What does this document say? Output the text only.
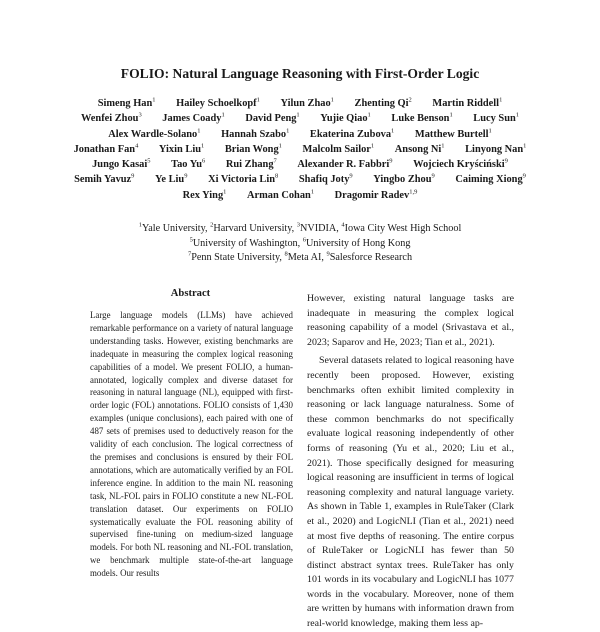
FOLIO: Natural Language Reasoning with First-Order Logic
Simeng Han$^1$ Hailey Schoelkopf$^1$ Yilun Zhao$^1$ Zhenting Qi$^2$ Martin Riddell$^1$ Wenfei Zhou$^3$ James Coady$^1$ David Peng$^1$ Yujie Qiao$^1$ Luke Benson$^1$ Lucy Sun$^1$ Alex Wardle-Solano$^1$ Hannah Szabo$^1$ Ekaterina Zubova$^1$ Matthew Burtell$^1$ Jonathan Fan$^4$ Yixin Liu$^1$ Brian Wong$^1$ Malcolm Sailor$^1$ Ansong Ni$^1$ Linyong Nan$^1$ Jungo Kasai$^5$ Tao Yu$^6$ Rui Zhang$^7$ Alexander R. Fabbri$^9$ Wojciech Kryściński$^9$ Semih Yavuz$^9$ Ye Liu$^9$ Xi Victoria Lin$^8$ Shafiq Joty$^9$ Yingbo Zhou$^9$ Caiming Xiong$^9$ Rex Ying$^1$ Arman Cohan$^1$ Dragomir Radev$^{1,9}$
$^1$Yale University, $^2$Harvard University, $^3$NVIDIA, $^4$Iowa City West High School
$^5$University of Washington, $^6$University of Hong Kong
$^7$Penn State University, $^8$Meta AI, $^9$Salesforce Research
Abstract

Large language models (LLMs) have achieved remarkable performance on a variety of natural language understanding tasks. However, existing benchmarks are inadequate in measuring the complex logical reasoning capabilities of a model. We present FOLIO, a human-annotated, logically complex and diverse dataset for reasoning in natural language (NL), equipped with first-order logic (FOL) annotations. FOLIO consists of 1,430 examples (unique conclusions), each paired with one of 487 sets of premises used to deductively reason for the validity of each conclusion. The logical correctness of the premises and conclusions is ensured by their FOL annotations, which are automatically verified by an FOL inference engine. In addition to the main NL reasoning task, NL-FOL pairs in FOLIO constitute a new NL-FOL translation dataset. Our experiments on FOLIO systematically evaluate the FOL reasoning ability of supervised fine-tuning on medium-sized language models. For both NL reasoning and NL-FOL translation, we benchmark multiple state-of-the-art language models. Our results

However, existing natural language tasks are inadequate in measuring the complex logical reasoning capability of a model (Srivastava et al., 2023; Saparov and He, 2023; Tian et al., 2021).

Several datasets related to logical reasoning have recently been proposed. However, existing benchmarks often exhibit limited complexity in reasoning or lack language naturalness. Some of these common benchmarks do not specifically evaluate logical reasoning independently of other forms of reasoning (Yu et al., 2020; Liu et al., 2021). Those specifically designed for measuring logical reasoning are insufficient in terms of logical reasoning complexity and natural language variety. As shown in Table 1, examples in RuleTaker (Clark et al., 2020) and LogicNLI (Tian et al., 2021) need at most five depths of reasoning. The entire corpus of RuleTaker or LogicNLI has fewer than 50 distinct abstract syntax trees. RuleTaker has only 101 words in its vocabulary and LogicNLI has 1077 words in the vocabulary. Moreover, none of them are written by humans with information drawn from real-world knowledge, making them less ap-
